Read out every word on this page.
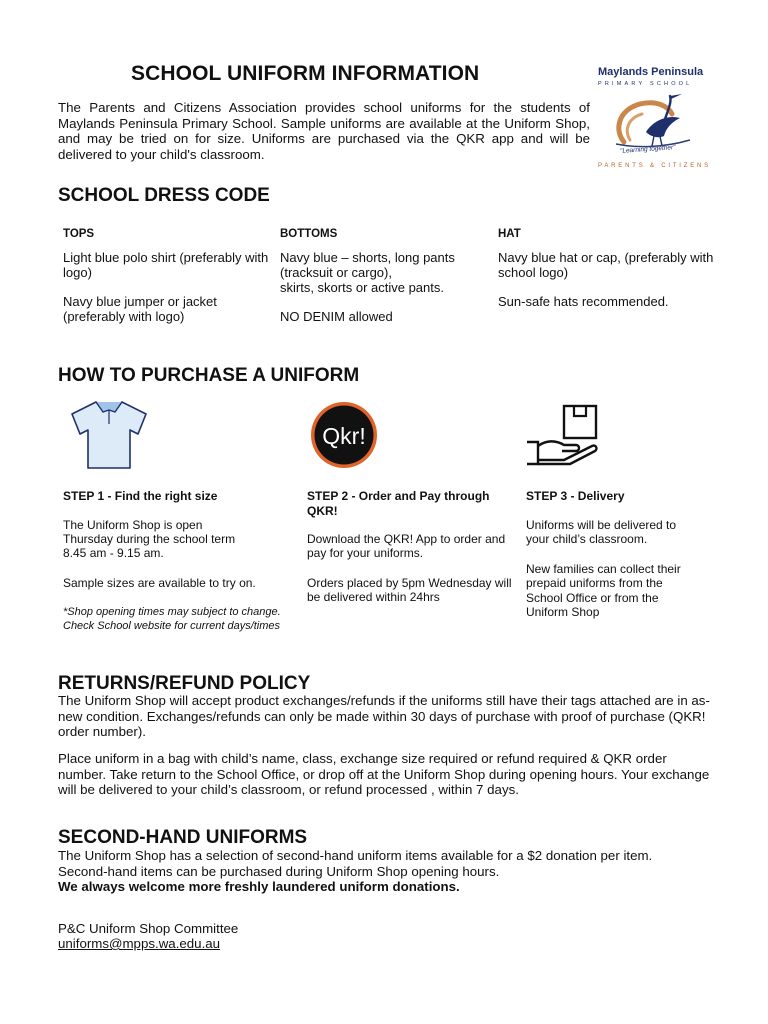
SCHOOL UNIFORM INFORMATION
The Parents and Citizens Association provides school uniforms for the students of Maylands Peninsula Primary School. Sample uniforms are available at the Uniform Shop, and may be tried on for size. Uniforms are purchased via the QKR app and will be delivered to your child's classroom.
Maylands Peninsula
PRIMARY SCHOOL
"Learning together"
PARENTS & CITIZENS
SCHOOL DRESS CODE
TOPS
Light blue polo shirt (preferably with logo)
Navy blue jumper or jacket (preferably with logo)
BOTTOMS
Navy blue – shorts, long pants (tracksuit or cargo),
skirts, skorts or active pants.
NO DENIM allowed
HAT
Navy blue hat or cap, (preferably with school logo)
Sun-safe hats recommended.
HOW TO PURCHASE A UNIFORM
Qkr!
STEP 1 - Find the right size
The Uniform Shop is open
Thursday during the school term
8.45 am - 9.15 am.
Sample sizes are available to try on.
*Shop opening times may subject to change.
Check School website for current days/times
STEP 2 - Order and Pay through QKR!
Download the QKR! App to order and pay for your uniforms.
Orders placed by 5pm Wednesday will be delivered within 24hrs
STEP 3 - Delivery
Uniforms will be delivered to your child’s classroom.
New families can collect their prepaid uniforms from the School Office or from the Uniform Shop
RETURNS/REFUND POLICY
The Uniform Shop will accept product exchanges/refunds if the uniforms still have their tags attached are in as-new condition. Exchanges/refunds can only be made within 30 days of purchase with proof of purchase (QKR! order number).
Place uniform in a bag with child’s name, class, exchange size required or refund required & QKR order number. Take return to the School Office, or drop off at the Uniform Shop during opening hours. Your exchange will be delivered to your child’s classroom, or refund processed , within 7 days.
SECOND-HAND UNIFORMS
The Uniform Shop has a selection of second-hand uniform items available for a $2 donation per item.
Second-hand items can be purchased during Uniform Shop opening hours.
We always welcome more freshly laundered uniform donations.
P&C Uniform Shop Committee
uniforms@mpps.wa.edu.au
